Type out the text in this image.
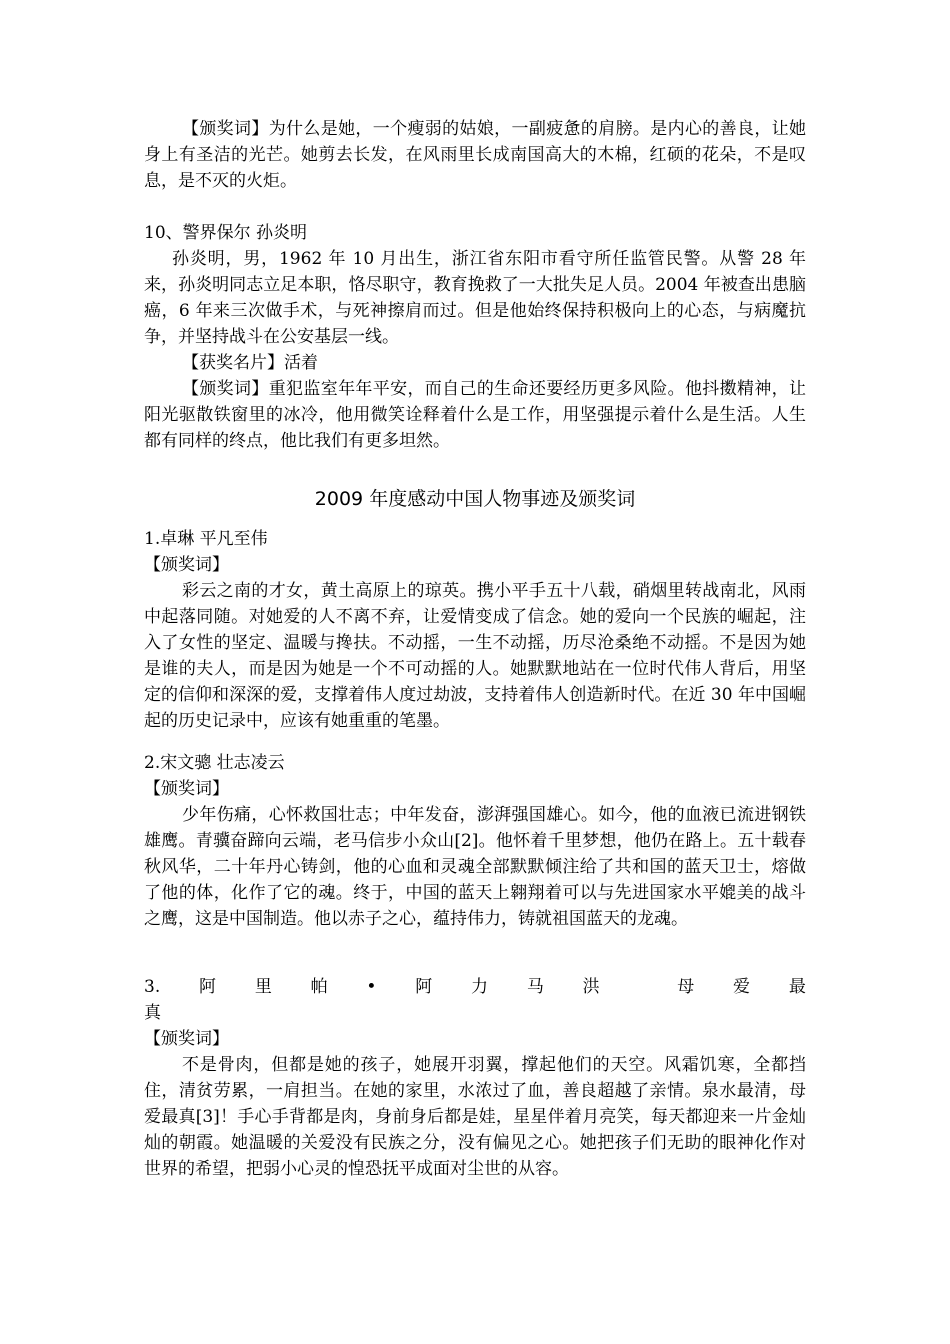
【颁奖词】为什么是她，一个瘦弱的姑娘，一副疲惫的肩膀。是内心的善良，让她身上有圣洁的光芒。她剪去长发，在风雨里长成南国高大的木棉，红硕的花朵，不是叹息，是不灭的火炬。

10、警界保尔 孙炎明

孙炎明，男，1962 年 10 月出生，浙江省东阳市看守所任监管民警。从警 28 年来，孙炎明同志立足本职，恪尽职守，教育挽救了一大批失足人员。2004 年被查出患脑癌，6 年来三次做手术，与死神擦肩而过。但是他始终保持积极向上的心态，与病魔抗争，并坚持战斗在公安基层一线。

【获奖名片】活着

【颁奖词】重犯监室年年平安，而自己的生命还要经历更多风险。他抖擞精神，让阳光驱散铁窗里的冰冷，他用微笑诠释着什么是工作，用坚强提示着什么是生活。人生都有同样的终点，他比我们有更多坦然。

2009 年度感动中国人物事迹及颁奖词

1.卓琳 平凡至伟

【颁奖词】

彩云之南的才女，黄土高原上的琼英。携小平手五十八载，硝烟里转战南北，风雨中起落同随。对她爱的人不离不弃，让爱情变成了信念。她的爱向一个民族的崛起，注入了女性的坚定、温暖与搀扶。不动摇，一生不动摇，历尽沧桑绝不动摇。不是因为她是谁的夫人，而是因为她是一个不可动摇的人。她默默地站在一位时代伟人背后，用坚定的信仰和深深的爱，支撑着伟人度过劫波，支持着伟人创造新时代。在近 30 年中国崛起的历史记录中，应该有她重重的笔墨。

2.宋文骢 壮志凌云

【颁奖词】

少年伤痛，心怀救国壮志；中年发奋，澎湃强国雄心。如今，他的血液已流进钢铁雄鹰。青骥奋蹄向云端，老马信步小众山[2]。他怀着千里梦想，他仍在路上。五十载春秋风华，二十年丹心铸剑，他的心血和灵魂全部默默倾注给了共和国的蓝天卫士，熔做了他的体，化作了它的魂。终于，中国的蓝天上翱翔着可以与先进国家水平媲美的战斗之鹰，这是中国制造。他以赤子之心，蕴持伟力，铸就祖国蓝天的龙魂。

3. 阿 里 帕 • 阿 力 马 洪	母 爱 最

真

【颁奖词】

不是骨肉，但都是她的孩子，她展开羽翼，撑起他们的天空。风霜饥寒，全都挡住，清贫劳累，一肩担当。在她的家里，水浓过了血，善良超越了亲情。泉水最清，母爱最真[3]！手心手背都是肉，身前身后都是娃，星星伴着月亮笑，每天都迎来一片金灿灿的朝霞。她温暖的关爱没有民族之分，没有偏见之心。她把孩子们无助的眼神化作对世界的希望，把弱小心灵的惶恐抚平成面对尘世的从容。
